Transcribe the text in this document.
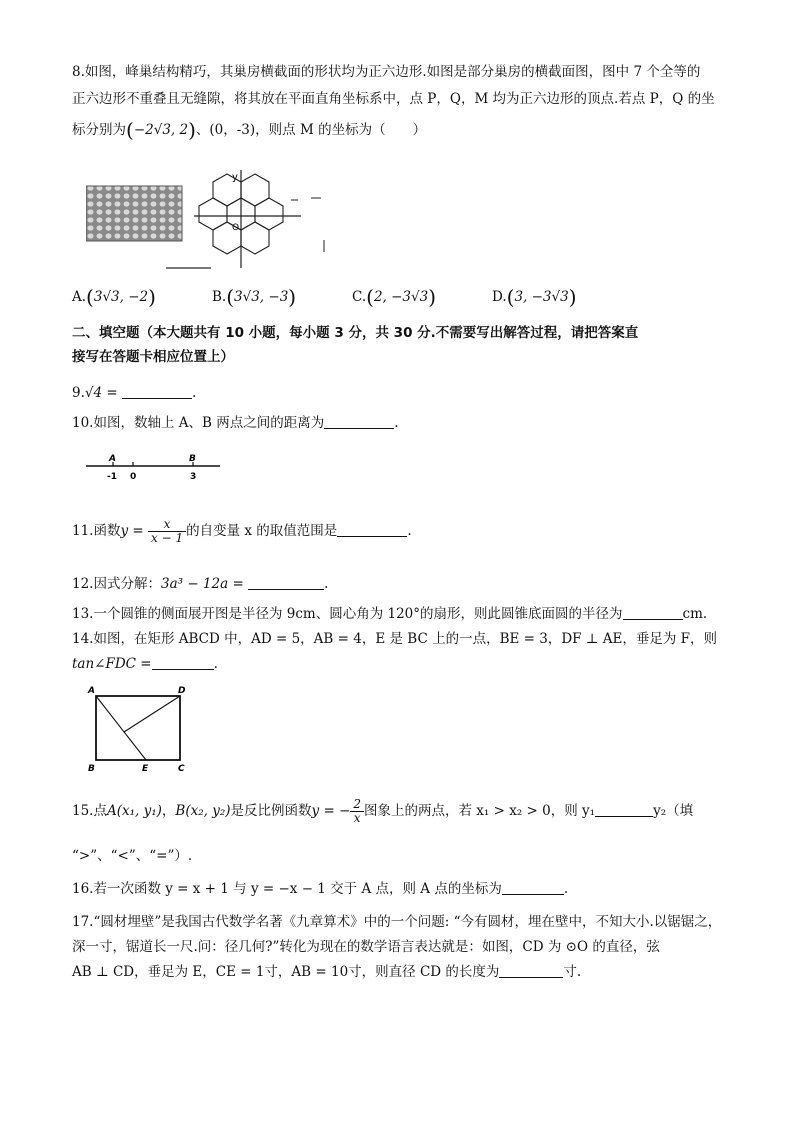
8.如图，峰巢结构精巧，其巢房横截面的形状均为正六边形.如图是部分巢房的横截面图，图中 7 个全等的
正六边形不重叠且无缝隙，将其放在平面直角坐标系中，点 P，Q，M 均为正六边形的顶点.若点 P，Q 的坐
标分别为(−2√3, 2)、(0，-3)，则点 M 的坐标为（　　）
y
O
A.(3√3, −2)	B.(3√3, −3)	C.(2, −3√3)	D.(3, −3√3)
二、填空题（本大题共有 10 小题，每小题 3 分，共 30 分.不需要写出解答过程，请把答案直
接写在答题卡相应位置上）
9.√4 =	.
10.如图，数轴上 A、B 两点之间的距离为	.
A	B
-1 0	3
11.函数$y = \frac{x}{x - 1}$ 的自变量 x 的取值范围是	.
12.因式分解：3a³ − 12a =	.
13.一个圆锥的侧面展开图是半径为 9cm、圆心角为 120°的扇形，则此圆锥底面圆的半径为	cm.
14.如图，在矩形 ABCD 中，AD = 5，AB = 4，E 是 BC 上的一点，BE = 3，DF ⊥ AE，垂足为 F，则
tan∠FDC =	.
A	D
B	E	C
15.点A(x₁, y₁)，B(x₂, y₂)是反比例函数y = − $\frac{2}{x}$ 图象上的两点，若 x₁ > x₂ > 0，则 y₁	y₂（填
“>”、“<”、“=”）.
16.若一次函数 y = x + 1 与 y = −x − 1 交于 A 点，则 A 点的坐标为	.
17.“圆材埋壁”是我国古代数学名著《九章算术》中的一个问题: “今有圆材，埋在壁中，不知大小.以锯锯之，
深一寸，锯道长一尺.问：径几何?”转化为现在的数学语言表达就是：如图，CD 为 ⊙O 的直径，弦
AB ⊥ CD，垂足为 E，CE = 1寸，AB = 10寸，则直径 CD 的长度为	寸.
